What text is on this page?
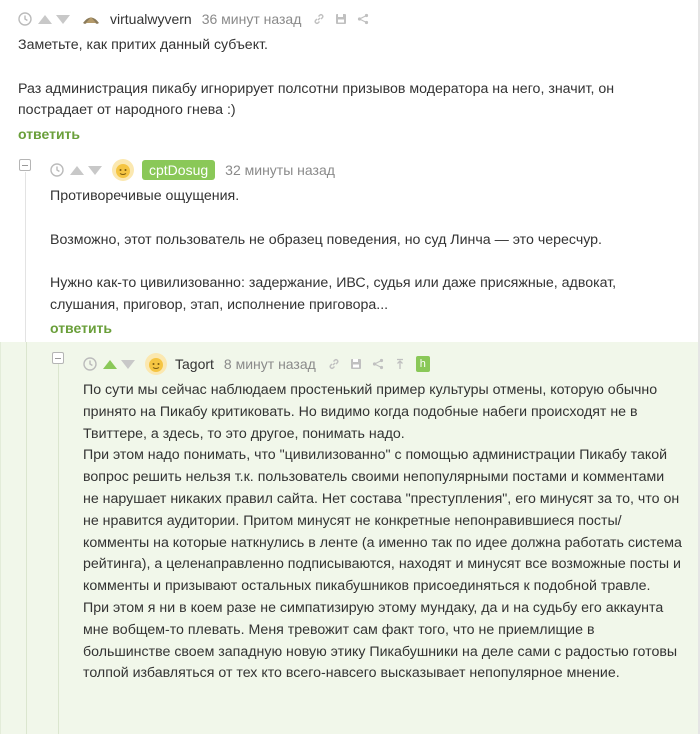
virtualwyvern 36 минут назад

Заметьте, как притих данный субъект.

Раз администрация пикабу игнорирует полсотни призывов модератора на него, значит, он пострадает от народного гнева :)

ответить
cptDosug	32 минуты назад

Противоречивые ощущения.

Возможно, этот пользователь не образец поведения, но суд Линча — это чересчур.

Нужно как-то цивилизованно: задержание, ИВС, судья или даже присяжные, адвокат, слушания, приговор, этап, исполнение приговора...

ответить
Tagort 8 минут назад	h

По сути мы сейчас наблюдаем простенький пример культуры отмены, которую обычно принято на Пикабу критиковать. Но видимо когда подобные набеги происходят не в Твиттере, а здесь, то это другое, понимать надо.

При этом надо понимать, что "цивилизованно" с помощью администрации Пикабу такой вопрос решить нельзя т.к. пользователь своими непопулярными постами и комментами не нарушает никаких правил сайта. Нет состава "преступления", его минусят за то, что он не нравится аудитории. Притом минусят не конкретные непонравившиеся посты/комменты на которые наткнулись в ленте (а именно так по идее должна работать система рейтинга), а целенаправленно подписываются, находят и минусят все возможные посты и комменты и призывают остальных пикабушников присоединяться к подобной травле.

При этом я ни в коем разе не симпатизирую этому мундаку, да и на судьбу его аккаунта мне вобщем-то плевать. Меня тревожит сам факт того, что не приемлищие в большинстве своем западную новую этику Пикабушники на деле сами с радостью готовы толпой избавляться от тех кто всего-навсего высказывает непопулярное мнение.
